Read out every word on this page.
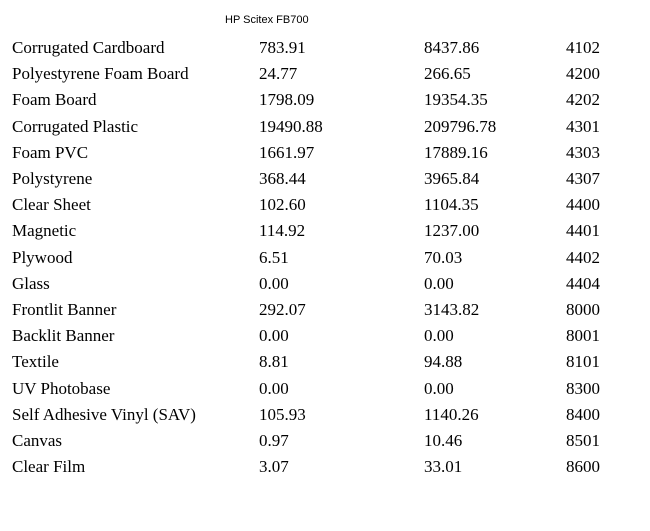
HP Scitex FB700
Corrugated Cardboard	783.91	8437.86	4102
Polyestyrene Foam Board	24.77	266.65	4200
Foam Board	1798.09	19354.35	4202
Corrugated Plastic	19490.88	209796.78	4301
Foam PVC	1661.97	17889.16	4303
Polystyrene	368.44	3965.84	4307
Clear Sheet	102.60	1104.35	4400
Magnetic	114.92	1237.00	4401
Plywood	6.51	70.03	4402
Glass	0.00	0.00	4404
Frontlit Banner	292.07	3143.82	8000
Backlit Banner	0.00	0.00	8001
Textile	8.81	94.88	8101
UV Photobase	0.00	0.00	8300
Self Adhesive Vinyl (SAV)	105.93	1140.26	8400
Canvas	0.97	10.46	8501
Clear Film	3.07	33.01	8600
